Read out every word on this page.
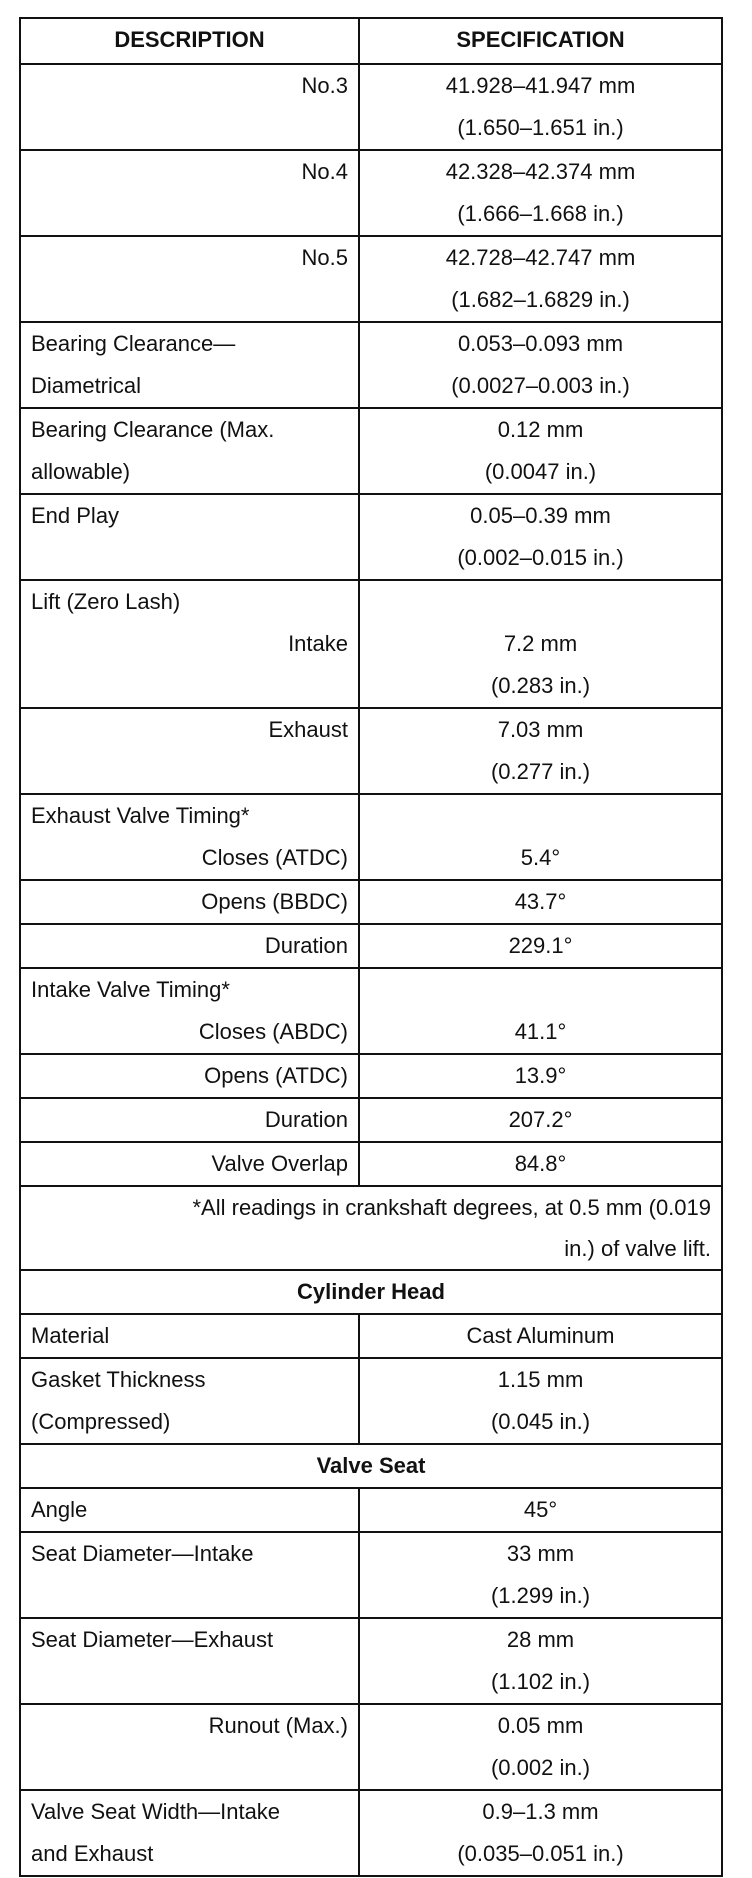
DESCRIPTION	SPECIFICATION
No.3	41.928–41.947 mm
(1.650–1.651 in.)

No.4	42.328–42.374 mm
(1.666–1.668 in.)

No.5	42.728–42.747 mm
(1.682–1.6829 in.)

Bearing Clearance—
Diametrical	0.053–0.093 mm
(0.0027–0.003 in.)

Bearing Clearance (Max.
allowable)	0.12 mm
(0.0047 in.)

End Play	0.05–0.39 mm
(0.002–0.015 in.)

Lift (Zero Lash)
Intake	7.2 mm
(0.283 in.)

Exhaust	7.03 mm
(0.277 in.)

Exhaust Valve Timing*
Closes (ATDC)	5.4°

Opens (BBDC)	43.7°
Duration	229.1°

Intake Valve Timing*
Closes (ABDC)	41.1°

Opens (ATDC)	13.9°
Duration	207.2°
Valve Overlap	84.8°

*All readings in crankshaft degrees, at 0.5 mm (0.019
in.) of valve lift.	

Cylinder Head	
Material	Cast Aluminum

Gasket Thickness
(Compressed)	1.15 mm
(0.045 in.)

Valve Seat	
Angle	45°
Seat Diameter—Intake	33 mm
(1.299 in.)

Seat Diameter—Exhaust	28 mm
(1.102 in.)

Runout (Max.)	0.05 mm
(0.002 in.)

Valve Seat Width—Intake
and Exhaust	0.9–1.3 mm
(0.035–0.051 in.)
